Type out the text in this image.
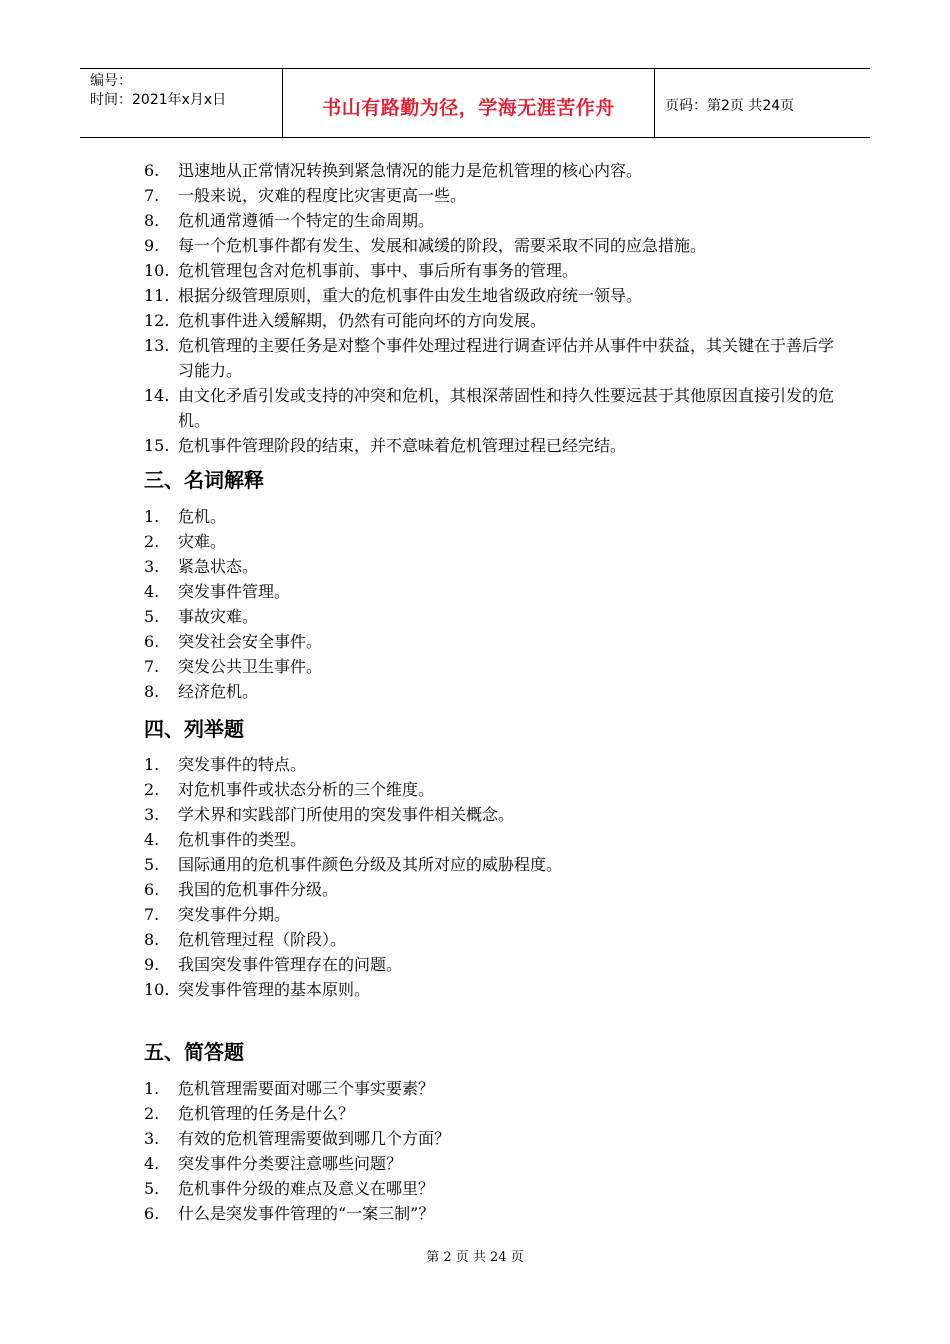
编号：
时间：2021年x月x日	书山有路勤为径，学海无涯苦作舟	页码：第2页 共24页
6.	迅速地从正常情况转换到紧急情况的能力是危机管理的核心内容。
7.	一般来说，灾难的程度比灾害更高一些。
8.	危机通常遵循一个特定的生命周期。
9.	每一个危机事件都有发生、发展和减缓的阶段，需要采取不同的应急措施。
10. 危机管理包含对危机事前、事中、事后所有事务的管理。
11. 根据分级管理原则，重大的危机事件由发生地省级政府统一领导。
12. 危机事件进入缓解期，仍然有可能向坏的方向发展。
13. 危机管理的主要任务是对整个事件处理过程进行调查评估并从事件中获益，其关键在于善后学习能力。
14. 由文化矛盾引发或支持的冲突和危机，其根深蒂固性和持久性要远甚于其他原因直接引发的危机。
15. 危机事件管理阶段的结束，并不意味着危机管理过程已经完结。
三、名词解释
1.	危机。
2.	灾难。
3.	紧急状态。
4.	突发事件管理。
5.	事故灾难。
6.	突发社会安全事件。
7.	突发公共卫生事件。
8.	经济危机。
四、列举题
1.	突发事件的特点。
2.	对危机事件或状态分析的三个维度。
3.	学术界和实践部门所使用的突发事件相关概念。
4.	危机事件的类型。
5.	国际通用的危机事件颜色分级及其所对应的威胁程度。
6.	我国的危机事件分级。
7.	突发事件分期。
8.	危机管理过程（阶段）。
9.	我国突发事件管理存在的问题。
10. 突发事件管理的基本原则。
五、简答题
1.	危机管理需要面对哪三个事实要素？
2.	危机管理的任务是什么？
3.	有效的危机管理需要做到哪几个方面？
4.	突发事件分类要注意哪些问题？
5.	危机事件分级的难点及意义在哪里？
6.	什么是突发事件管理的“一案三制”？
第 2 页 共 24 页
